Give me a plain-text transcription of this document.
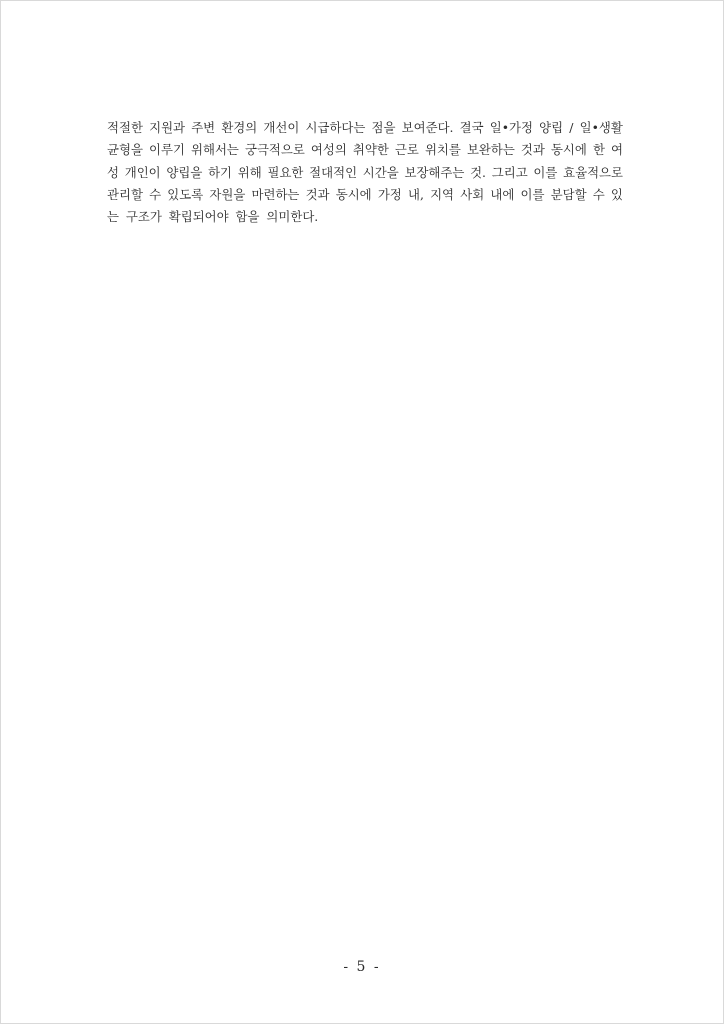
적절한 지원과 주변 환경의 개선이 시급하다는 점을 보여준다. 결국 일•가정 양립 / 일•생활
균형을 이루기 위해서는 궁극적으로 여성의 취약한 근로 위치를 보완하는 것과 동시에 한 여
성 개인이 양립을 하기 위해 필요한 절대적인 시간을 보장해주는 것. 그리고 이를 효율적으로
관리할 수 있도록 자원을 마련하는 것과 동시에 가정 내, 지역 사회 내에 이를 분담할 수 있
는 구조가 확립되어야 함을 의미한다.
- 5 -
